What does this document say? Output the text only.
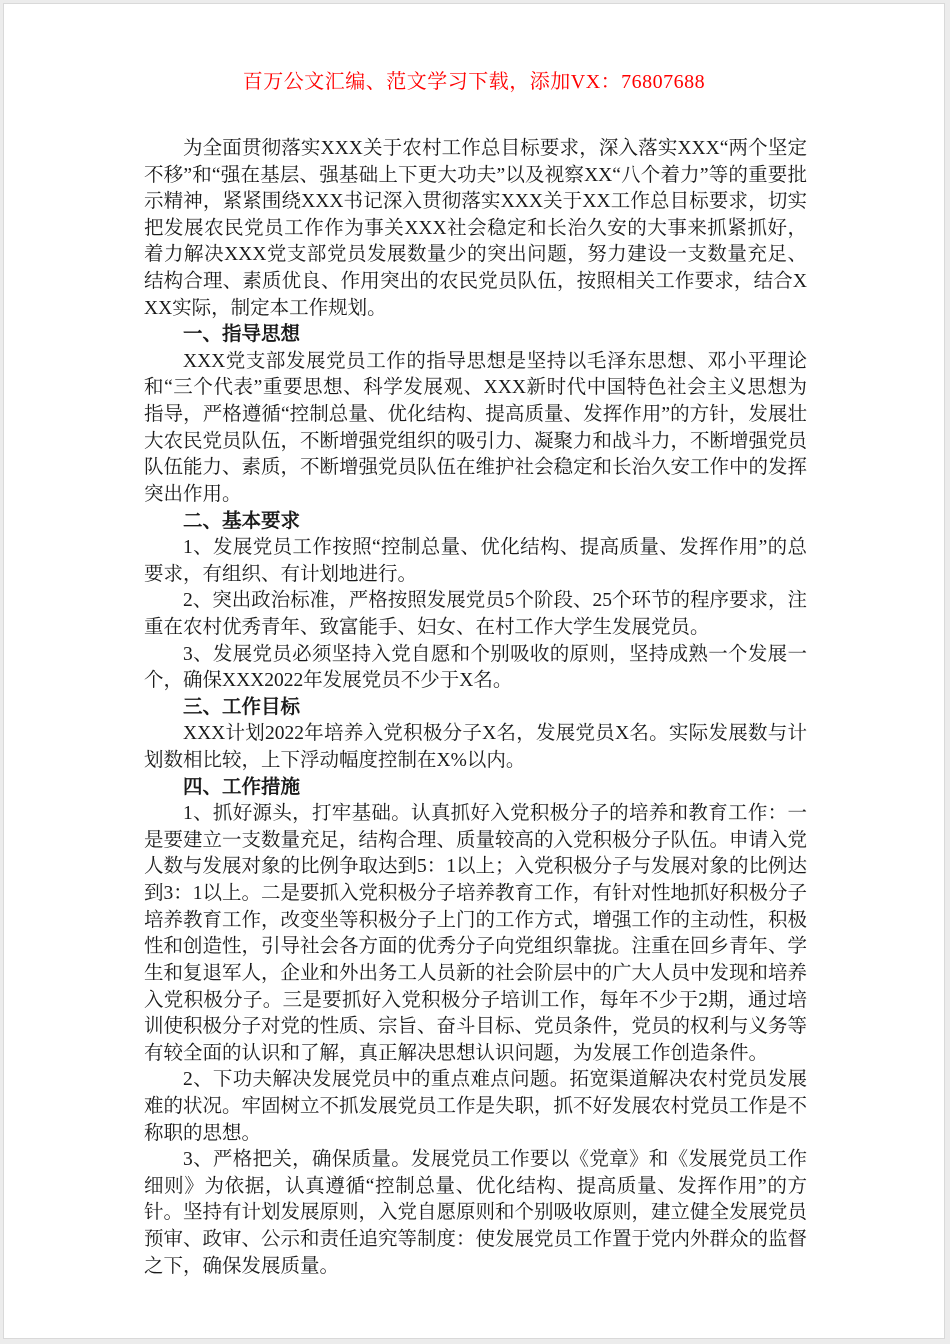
百万公文汇编、范文学习下载，添加VX：76807688

为全面贯彻落实XXX关于农村工作总目标要求，深入落实XXX“两个坚定不移”和“强在基层、强基础上下更大功夫”以及视察XX“八个着力”等的重要批示精神，紧紧围绕XXX书记深入贯彻落实XXX关于XX工作总目标要求，切实把发展农民党员工作作为事关XXX社会稳定和长治久安的大事来抓紧抓好，着力解决XXX党支部党员发展数量少的突出问题，努力建设一支数量充足、结构合理、素质优良、作用突出的农民党员队伍，按照相关工作要求，结合XXX实际，制定本工作规划。

一、指导思想

XXX党支部发展党员工作的指导思想是坚持以毛泽东思想、邓小平理论和“三个代表”重要思想、科学发展观、XXX新时代中国特色社会主义思想为指导，严格遵循“控制总量、优化结构、提高质量、发挥作用”的方针，发展壮大农民党员队伍，不断增强党组织的吸引力、凝聚力和战斗力，不断增强党员队伍能力、素质，不断增强党员队伍在维护社会稳定和长治久安工作中的发挥突出作用。

二、基本要求

1、发展党员工作按照“控制总量、优化结构、提高质量、发挥作用”的总要求，有组织、有计划地进行。

2、突出政治标准，严格按照发展党员5个阶段、25个环节的程序要求，注重在农村优秀青年、致富能手、妇女、在村工作大学生发展党员。

3、发展党员必须坚持入党自愿和个别吸收的原则，坚持成熟一个发展一个，确保XXX2022年发展党员不少于X名。

三、工作目标

XXX计划2022年培养入党积极分子X名，发展党员X名。实际发展数与计划数相比较，上下浮动幅度控制在X%以内。

四、工作措施

1、抓好源头，打牢基础。认真抓好入党积极分子的培养和教育工作：一是要建立一支数量充足，结构合理、质量较高的入党积极分子队伍。申请入党人数与发展对象的比例争取达到5：1以上；入党积极分子与发展对象的比例达到3：1以上。二是要抓入党积极分子培养教育工作，有针对性地抓好积极分子培养教育工作，改变坐等积极分子上门的工作方式，增强工作的主动性，积极性和创造性，引导社会各方面的优秀分子向党组织靠拢。注重在回乡青年、学生和复退军人，企业和外出务工人员新的社会阶层中的广大人员中发现和培养入党积极分子。三是要抓好入党积极分子培训工作，每年不少于2期，通过培训使积极分子对党的性质、宗旨、奋斗目标、党员条件，党员的权利与义务等有较全面的认识和了解，真正解决思想认识问题，为发展工作创造条件。

2、下功夫解决发展党员中的重点难点问题。拓宽渠道解决农村党员发展难的状况。牢固树立不抓发展党员工作是失职，抓不好发展农村党员工作是不称职的思想。

3、严格把关，确保质量。发展党员工作要以《党章》和《发展党员工作细则》为依据，认真遵循“控制总量、优化结构、提高质量、发挥作用”的方针。坚持有计划发展原则，入党自愿原则和个别吸收原则，建立健全发展党员预审、政审、公示和责任追究等制度：使发展党员工作置于党内外群众的监督之下，确保发展质量。
